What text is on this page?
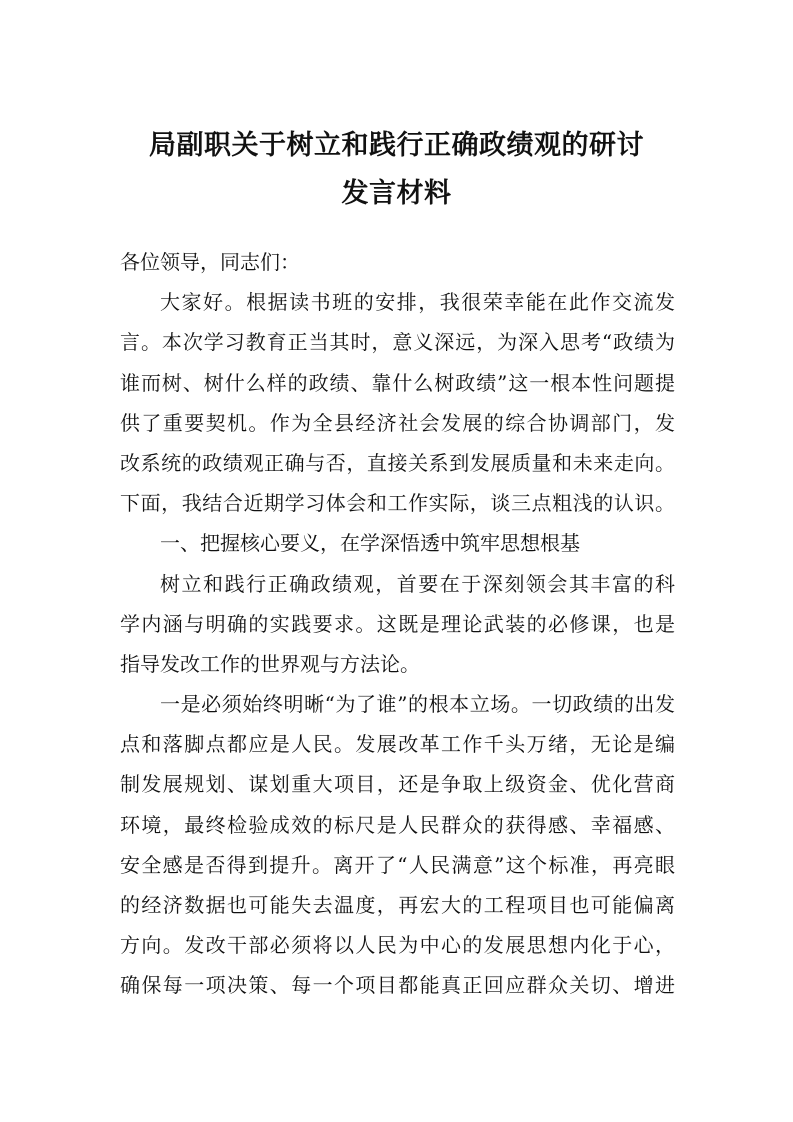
局副职关于树立和践行正确政绩观的研讨
发言材料
各位领导，同志们：
大家好。根据读书班的安排，我很荣幸能在此作交流发
言。本次学习教育正当其时，意义深远，为深入思考“政绩为
谁而树、树什么样的政绩、靠什么树政绩”这一根本性问题提
供了重要契机。作为全县经济社会发展的综合协调部门，发
改系统的政绩观正确与否，直接关系到发展质量和未来走向。
下面，我结合近期学习体会和工作实际，谈三点粗浅的认识。
一、把握核心要义，在学深悟透中筑牢思想根基
树立和践行正确政绩观，首要在于深刻领会其丰富的科
学内涵与明确的实践要求。这既是理论武装的必修课，也是
指导发改工作的世界观与方法论。
一是必须始终明晰“为了谁”的根本立场。一切政绩的出发
点和落脚点都应是人民。发展改革工作千头万绪，无论是编
制发展规划、谋划重大项目，还是争取上级资金、优化营商
环境，最终检验成效的标尺是人民群众的获得感、幸福感、
安全感是否得到提升。离开了“人民满意”这个标准，再亮眼
的经济数据也可能失去温度，再宏大的工程项目也可能偏离
方向。发改干部必须将以人民为中心的发展思想内化于心，
确保每一项决策、每一个项目都能真正回应群众关切、增进
